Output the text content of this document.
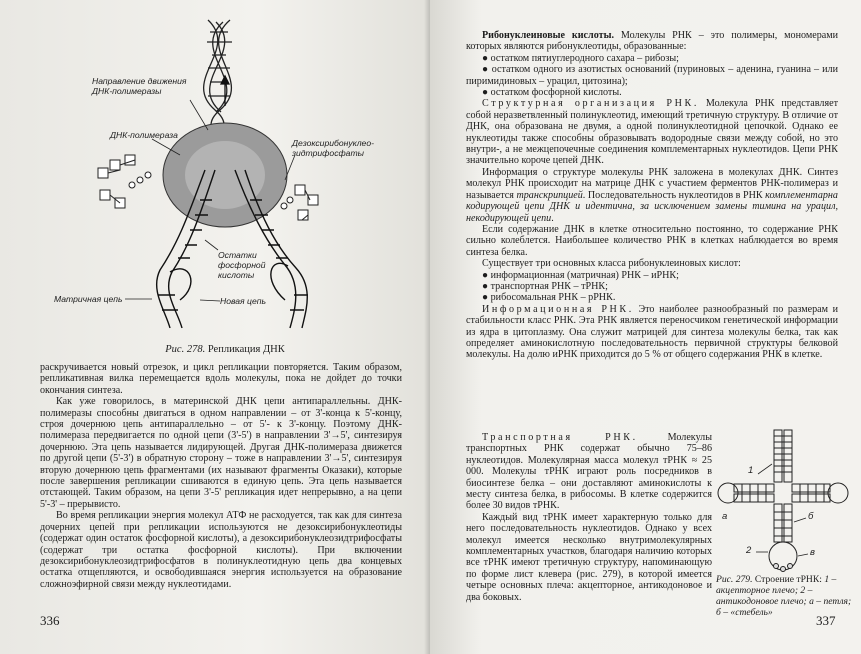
Направление движения
ДНК-полимеразы
ДНК-полимераза
Дезоксирибонуклео-
зидтрифосфаты
Остатки
фосфорной
кислоты
Матричная цепь	Новая цепь
Рис. 278. Репликация ДНК

раскручивается новый отрезок, и цикл репликации повторяется. Таким образом, репликативная вилка перемещается вдоль молекулы, пока не дойдет до точки окончания синтеза.

Как уже говорилось, в материнской ДНК цепи антипараллельны. ДНК-полимеразы способны двигаться в одном направлении – от 3'-конца к 5'-концу, строя дочернюю цепь антипараллельно – от 5'- к 3'-концу. Поэтому ДНК-полимераза передвигается по одной цепи (3'-5') в направлении 3'→5', синтезируя дочернюю. Эта цепь называется лидирующей. Другая ДНК-полимераза движется по другой цепи (5'-3') в обратную сторону – тоже в направлении 3'→5', синтезируя вторую дочернюю цепь фрагментами (их называют фрагменты Оказаки), которые после завершения репликации сшиваются в единую цепь. Эта цепь называется отстающей. Таким образом, на цепи 3'-5' репликация идет непрерывно, а на цепи 5'-3' – прерывисто.

Во время репликации энергия молекул АТФ не расходуется, так как для синтеза дочерних цепей при репликации используются не дезоксирибонуклеотиды (содержат один остаток фосфорной кислоты), а дезоксирибонуклеозидтрифосфаты (содержат три остатка фосфорной кислоты). При включении дезоксирибонуклеозидтрифосфатов в полинуклеотидную цепь два концевых остатка отщепляются, и освободившаяся энергия используется на образование сложноэфирной связи между нуклеотидами.

336

Рибонуклеиновые кислоты. Молекулы РНК – это полимеры, мономерами которых являются рибонуклеотиды, образованные:

● остатком пятиуглеродного сахара – рибозы;

● остатком одного из азотистых оснований (пуриновых – аденина, гуанина – или пиримидиновых – урацил, цитозина);

● остатком фосфорной кислоты.

Структурная организация РНК. Молекула РНК представляет собой неразветвленный полинуклеотид, имеющий третичную структуру. В отличие от ДНК, она образована не двумя, а одной полинуклеотидной цепочкой. Однако ее нуклеотиды также способны образовывать водородные связи между собой, но это внутри-, а не межцепочечные соединения комплементарных нуклеотидов. Цепи РНК значительно короче цепей ДНК.

Информация о структуре молекулы РНК заложена в молекулах ДНК. Синтез молекул РНК происходит на матрице ДНК с участием ферментов РНК-полимераз и называется транскрипцией. Последовательность нуклеотидов в РНК комплементарна кодирующей цепи ДНК и идентична, за исключением замены тимина на урацил, некодирующей цепи.

Если содержание ДНК в клетке относительно постоянно, то содержание РНК сильно колеблется. Наибольшее количество РНК в клетках наблюдается во время синтеза белка.

Существует три основных класса рибонуклеиновых кислот:

● информационная (матричная) РНК – иРНК;

● транспортная РНК – тРНК;

● рибосомальная РНК – рРНК.

Информационная РНК. Это наиболее разнообразный по размерам и стабильности класс РНК. Эта РНК является переносчиком генетической информации из ядра в цитоплазму. Она служит матрицей для синтеза молекулы белка, так как определяет аминокислотную последовательность первичной структуры белковой молекулы. На долю иРНК приходится до 5 % от общего содержания РНК в клетке.

Транспортная РНК. Молекулы транспортных РНК содержат обычно 75–86 нуклеотидов. Молекулярная масса молекул тРНК ≈ 25 000. Молекулы тРНК играют роль посредников в биосинтезе белка – они доставляют аминокислоты к месту синтеза белка, в рибосомы. В клетке содержится более 30 видов тРНК.

Каждый вид тРНК имеет характерную только для него последовательность нуклеотидов. Однако у всех молекул имеется несколько внутримолекулярных комплементарных участков, благодаря наличию которых все тРНК имеют третичную структуру, напоминающую по форме лист клевера (рис. 279), в которой имеется четыре основных плеча: акцепторное, антикодоновое и два боковых.

1
2
б
в
а
Рис. 279. Строение тРНК: 1 – акцепторное плечо; 2 – антикодоновое плечо; а – петля; б – «стебель»
337
